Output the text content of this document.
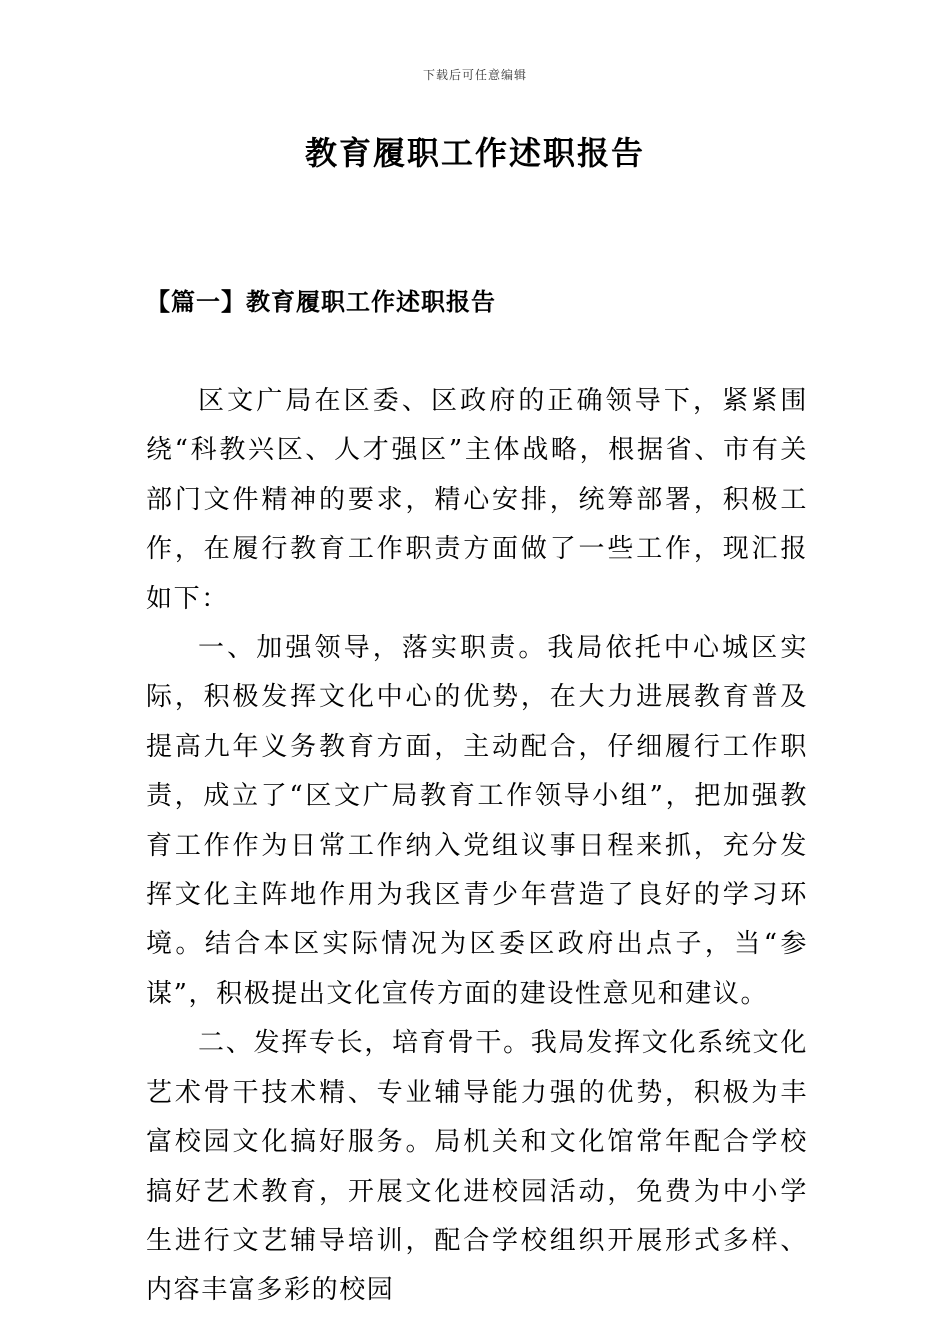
下载后可任意编辑
教育履职工作述职报告
【篇一】教育履职工作述职报告

区文广局在区委、区政府的正确领导下，紧紧围绕“科教兴区、人才强区”主体战略，根据省、市有关部门文件精神的要求，精心安排，统筹部署，积极工作，在履行教育工作职责方面做了一些工作，现汇报如下：

一、加强领导，落实职责。我局依托中心城区实际，积极发挥文化中心的优势，在大力进展教育普及提高九年义务教育方面，主动配合，仔细履行工作职责，成立了“区文广局教育工作领导小组”，把加强教育工作作为日常工作纳入党组议事日程来抓，充分发挥文化主阵地作用为我区青少年营造了良好的学习环境。结合本区实际情况为区委区政府出点子，当“参谋”，积极提出文化宣传方面的建设性意见和建议。

二、发挥专长，培育骨干。我局发挥文化系统文化艺术骨干技术精、专业辅导能力强的优势，积极为丰富校园文化搞好服务。局机关和文化馆常年配合学校搞好艺术教育，开展文化进校园活动，免费为中小学生进行文艺辅导培训，配合学校组织开展形式多样、内容丰富多彩的校园
